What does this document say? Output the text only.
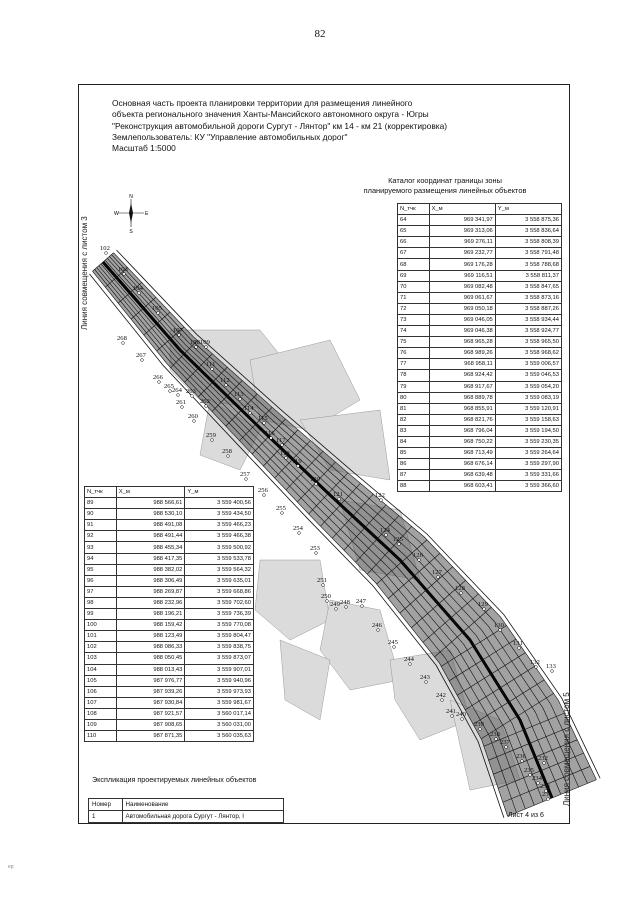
82
102
103
104
105
107
108 109
111
112
113
114
115
116
117
118
119
120
121	122
124
125
126
127
128
129
130
131
132
133
268
267
266
265
264 263
262
261
260
259
258
257
256
255
254
253
251
250
249 248 247
246
245
244
243
242
241 240
239
238
237
236
235
234
233
232
231
Основная часть проекта планировки территории для размещения линейного
объекта регионального значения Ханты-Мансийского автономного округа - Югры
"Реконструкция автомобильной дороги Сургут - Лянтор" км 14 - км 21 (корректировка)
Землепользователь: КУ "Управление автомобильных дорог"
Масштаб 1:5000
N
S
W	E
Линия совмещения с листом 3
Линия совмещения с листом 5
Каталог координат границы зоны
планируемого размещения линейных объектов
N_тчк	X_м	Y_м
64	969 341,97	3 558 875,36
65	969 313,06	3 558 836,64
66	969 276,11	3 558 808,39
67	969 232,77	3 558 791,48
68	969 176,28	3 558 788,68
69	969 116,51	3 558 811,37
70	969 082,48	3 558 847,65
71	969 061,67	3 558 873,16
72	969 050,18	3 558 887,26
73	969 046,05	3 558 934,44
74	969 046,38	3 558 924,77
75	968 965,28	3 558 965,50
76	968 989,26	3 558 968,62
77	968 958,11	3 559 006,57
78	968 924,42	3 559 046,53
79	968 917,67	3 559 054,20
80	968 889,78	3 559 083,19
81	968 855,91	3 559 120,91
82	968 821,76	3 559 158,63
83	968 796,04	3 559 194,50
84	968 750,22	3 559 230,35
85	968 713,49	3 559 264,64
86	968 676,14	3 559 297,90
87	968 639,48	3 559 331,66
88	968 603,41	3 559 366,60
N_тчк	X_м	Y_м
89	988 566,61	3 559 400,56
90	988 530,10	3 559 434,50
91	988 491,08	3 559 466,23
92	988 491,44	3 559 466,38
93	988 455,34	3 559 500,92
94	988 417,35	3 559 533,78
95	988 382,02	3 559 564,32
96	988 306,49	3 559 635,01
97	988 269,87	3 559 668,86
98	988 232,96	3 559 702,60
99	988 196,21	3 559 736,39
100	988 159,42	3 559 770,08
101	988 123,49	3 559 804,47
102	988 086,33	3 559 838,75
103	988 050,45	3 559 873,07
104	988 013,43	3 559 907,01
105	987 976,77	3 559 940,96
106	987 939,26	3 559 973,93
107	987 930,84	3 559 981,67
108	987 921,57	3 560 017,14
109	987 908,65	3 560 031,00
110	987 871,35	3 560 035,63
Экспликация проектируемых линейных объектов
Номер	Наименование
1	Автомобильная дорога Сургут - Лянтор, I	Лист 4 из 6
ep
